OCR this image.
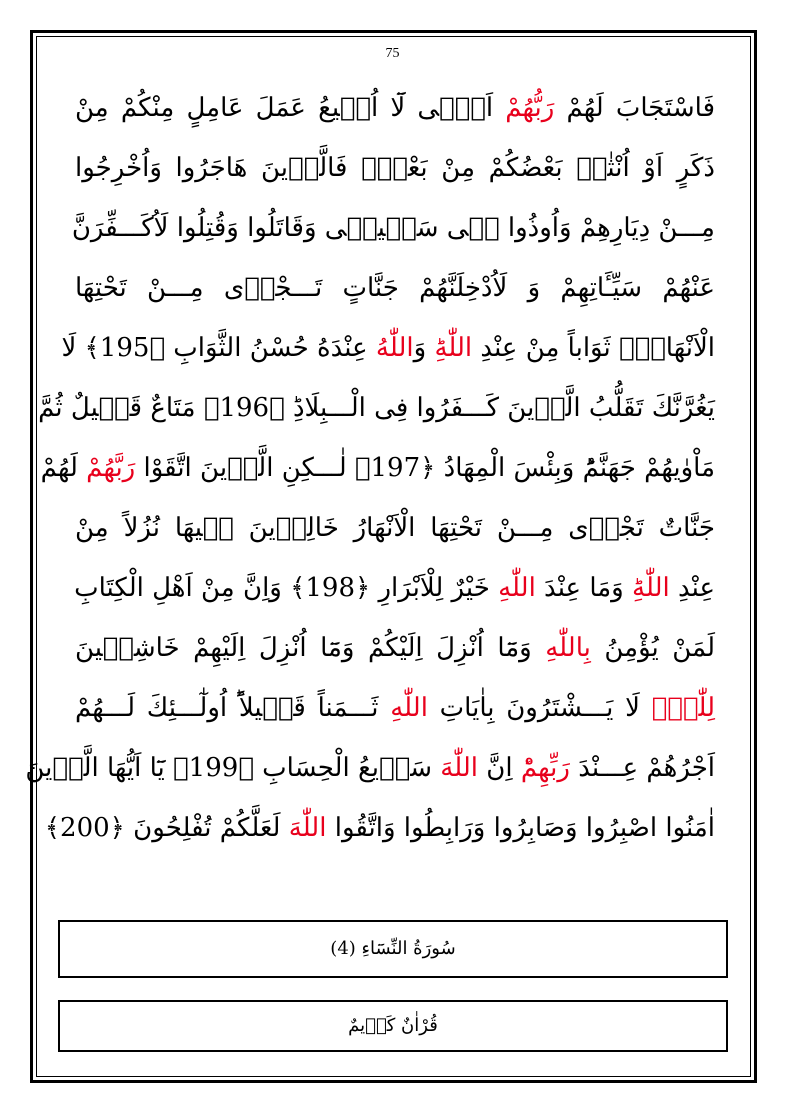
75
فَاسْتَجَابَ لَهُمْ رَبُّهُمْ اَنّٖى لَٓا اُضٖيعُ عَمَلَ عَامِلٍ مِنْكُمْ مِنْ
ذَكَرٍ اَوْ اُنْثٰىۚ بَعْضُكُمْ مِنْ بَعْضٍۚ فَالَّذٖينَ هَاجَرُوا وَاُخْرِجُوا
مِـــنْ دِيَارِهِمْ وَاُوذُوا فٖى سَبٖيلٖى وَقَاتَلُوا وَقُتِلُوا لَاُكَـــفِّرَنَّ
عَنْهُمْ سَيِّـَٔاتِهِمْ وَ لَاُدْخِلَنَّهُمْ جَنَّاتٍ تَـــجْرٖى مِـــنْ تَحْتِهَا
الْاَنْهَارُۚ ثَوَاباً مِنْ عِنْدِ اللّٰهِؕ وَاللّٰهُ عِنْدَهُ حُسْنُ الثَّوَابِ ﴿195﴾ لَا
يَغُرَّنَّكَ تَقَلُّبُ الَّذٖينَ كَـــفَرُوا فِى الْـــبِلَادِؕ ﴿196﴾ مَتَاعٌ قَلٖيلٌ ثُمَّ
مَاْوٰيهُمْ جَهَنَّمُؕ وَبِئْسَ الْمِهَادُ ﴿197﴾ لٰـــكِنِ الَّذٖينَ اتَّقَوْا رَبَّهُمْ لَهُمْ
جَنَّاتٌ تَجْرٖى مِـــنْ تَحْتِهَا الْاَنْهَارُ خَالِدٖينَ فٖيهَا نُزُلاً مِنْ
عِنْدِ اللّٰهِؕ وَمَا عِنْدَ اللّٰهِ خَيْرٌ لِلْاَبْرَارِ ﴿198﴾ وَاِنَّ مِنْ اَهْلِ الْكِتَابِ
لَمَنْ يُؤْمِنُ بِاللّٰهِ وَمَٓا اُنْزِلَ اِلَيْكُمْ وَمَٓا اُنْزِلَ اِلَيْهِمْ خَاشِعٖينَ
لِلّٰهِۙ لَا يَـــشْتَرُونَ بِاٰيَاتِ اللّٰهِ ثَـــمَناً قَلٖيلاًؕ اُولٰٓـــئِكَ لَـــهُمْ
اَجْرُهُمْ عِـــنْدَ رَبِّهِمْؕ اِنَّ اللّٰهَ سَرٖيعُ الْحِسَابِ ﴿199﴾ يَٓا اَيُّهَا الَّذٖينَ
اٰمَنُوا اصْبِرُوا وَصَابِرُوا وَرَابِطُوا وَاتَّقُوا اللّٰهَ لَعَلَّكُمْ تُفْلِحُونَ ﴿200﴾
سُورَةُ النِّسَٓاءِ (4)
قُرْاٰنٌ كَرٖيمٌ
